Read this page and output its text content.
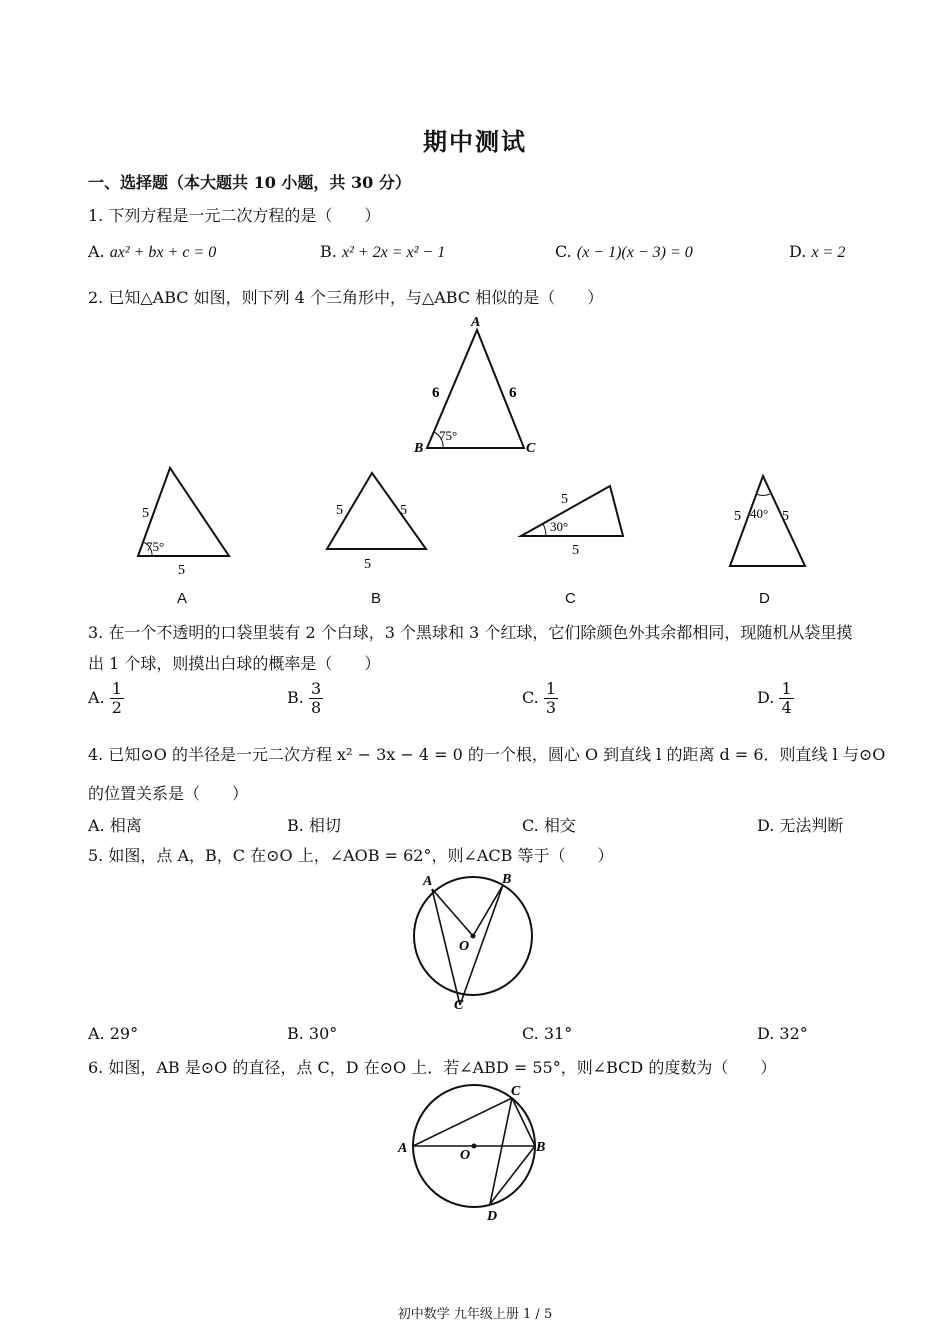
期中测试
一、选择题（本大题共 10 小题，共 30 分）
1. 下列方程是一元二次方程的是（　　）
A. ax² + bx + c = 0	B. x² + 2x = x² − 1	C. (x − 1)(x − 3) = 0	D. x = 2
2. 已知△ABC 如图，则下列 4 个三角形中，与△ABC 相似的是（　　）
A
B	C
6	6
75°
5
5
75°
A
5	5
5
B
5
5
30°
C
5	5
40°
D
3. 在一个不透明的口袋里装有 2 个白球，3 个黑球和 3 个红球，它们除颜色外其余都相同，现随机从袋里摸
出 1 个球，则摸出白球的概率是（　　）
A. $\frac{1}{2}$	B. $\frac{3}{8}$	C. $\frac{1}{3}$	D. $\frac{1}{4}$
4. 已知⊙O 的半径是一元二次方程 x² − 3x − 4 = 0 的一个根，圆心 O 到直线 l 的距离 d = 6．则直线 l 与⊙O
的位置关系是（　　）
A. 相离	B. 相切	C. 相交	D. 无法判断
5. 如图，点 A，B，C 在⊙O 上，∠AOB = 62°，则∠ACB 等于（　　）
A	B
O
C
A. 29°	B. 30°	C. 31°	D. 32°
6. 如图，AB 是⊙O 的直径，点 C，D 在⊙O 上．若∠ABD = 55°，则∠BCD 的度数为（　　）
A	B
O
C
D
初中数学 九年级上册 1 / 5
